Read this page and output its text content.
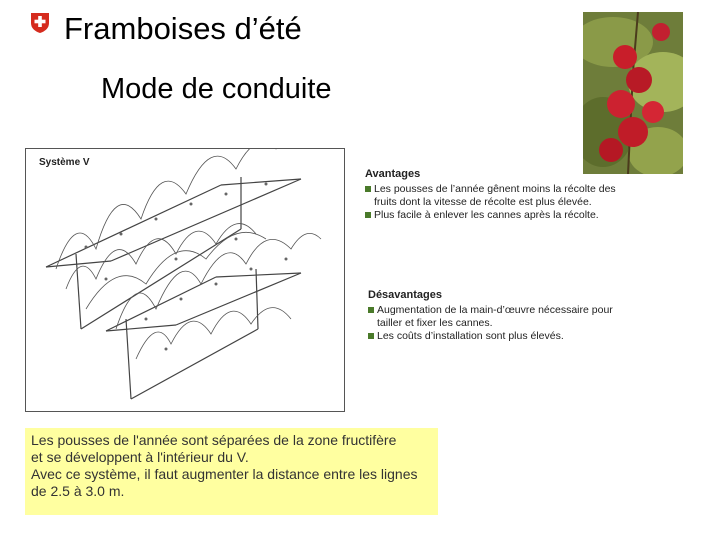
Framboises d’été
Mode de conduite
Système V
Avantages
Les pousses de l’année gênent moins la récolte des fruits dont la vitesse de récolte est plus élevée.
Plus facile à enlever les cannes après la récolte.
Désavantages
Augmentation de la main-d’œuvre nécessaire pour tailler et fixer les cannes.
Les coûts d’installation sont plus élevés.
Les pousses de l'année sont séparées de la zone fructifère
et se développent à l'intérieur du V.
Avec ce système, il faut augmenter la distance entre les lignes
de 2.5 à 3.0 m.
